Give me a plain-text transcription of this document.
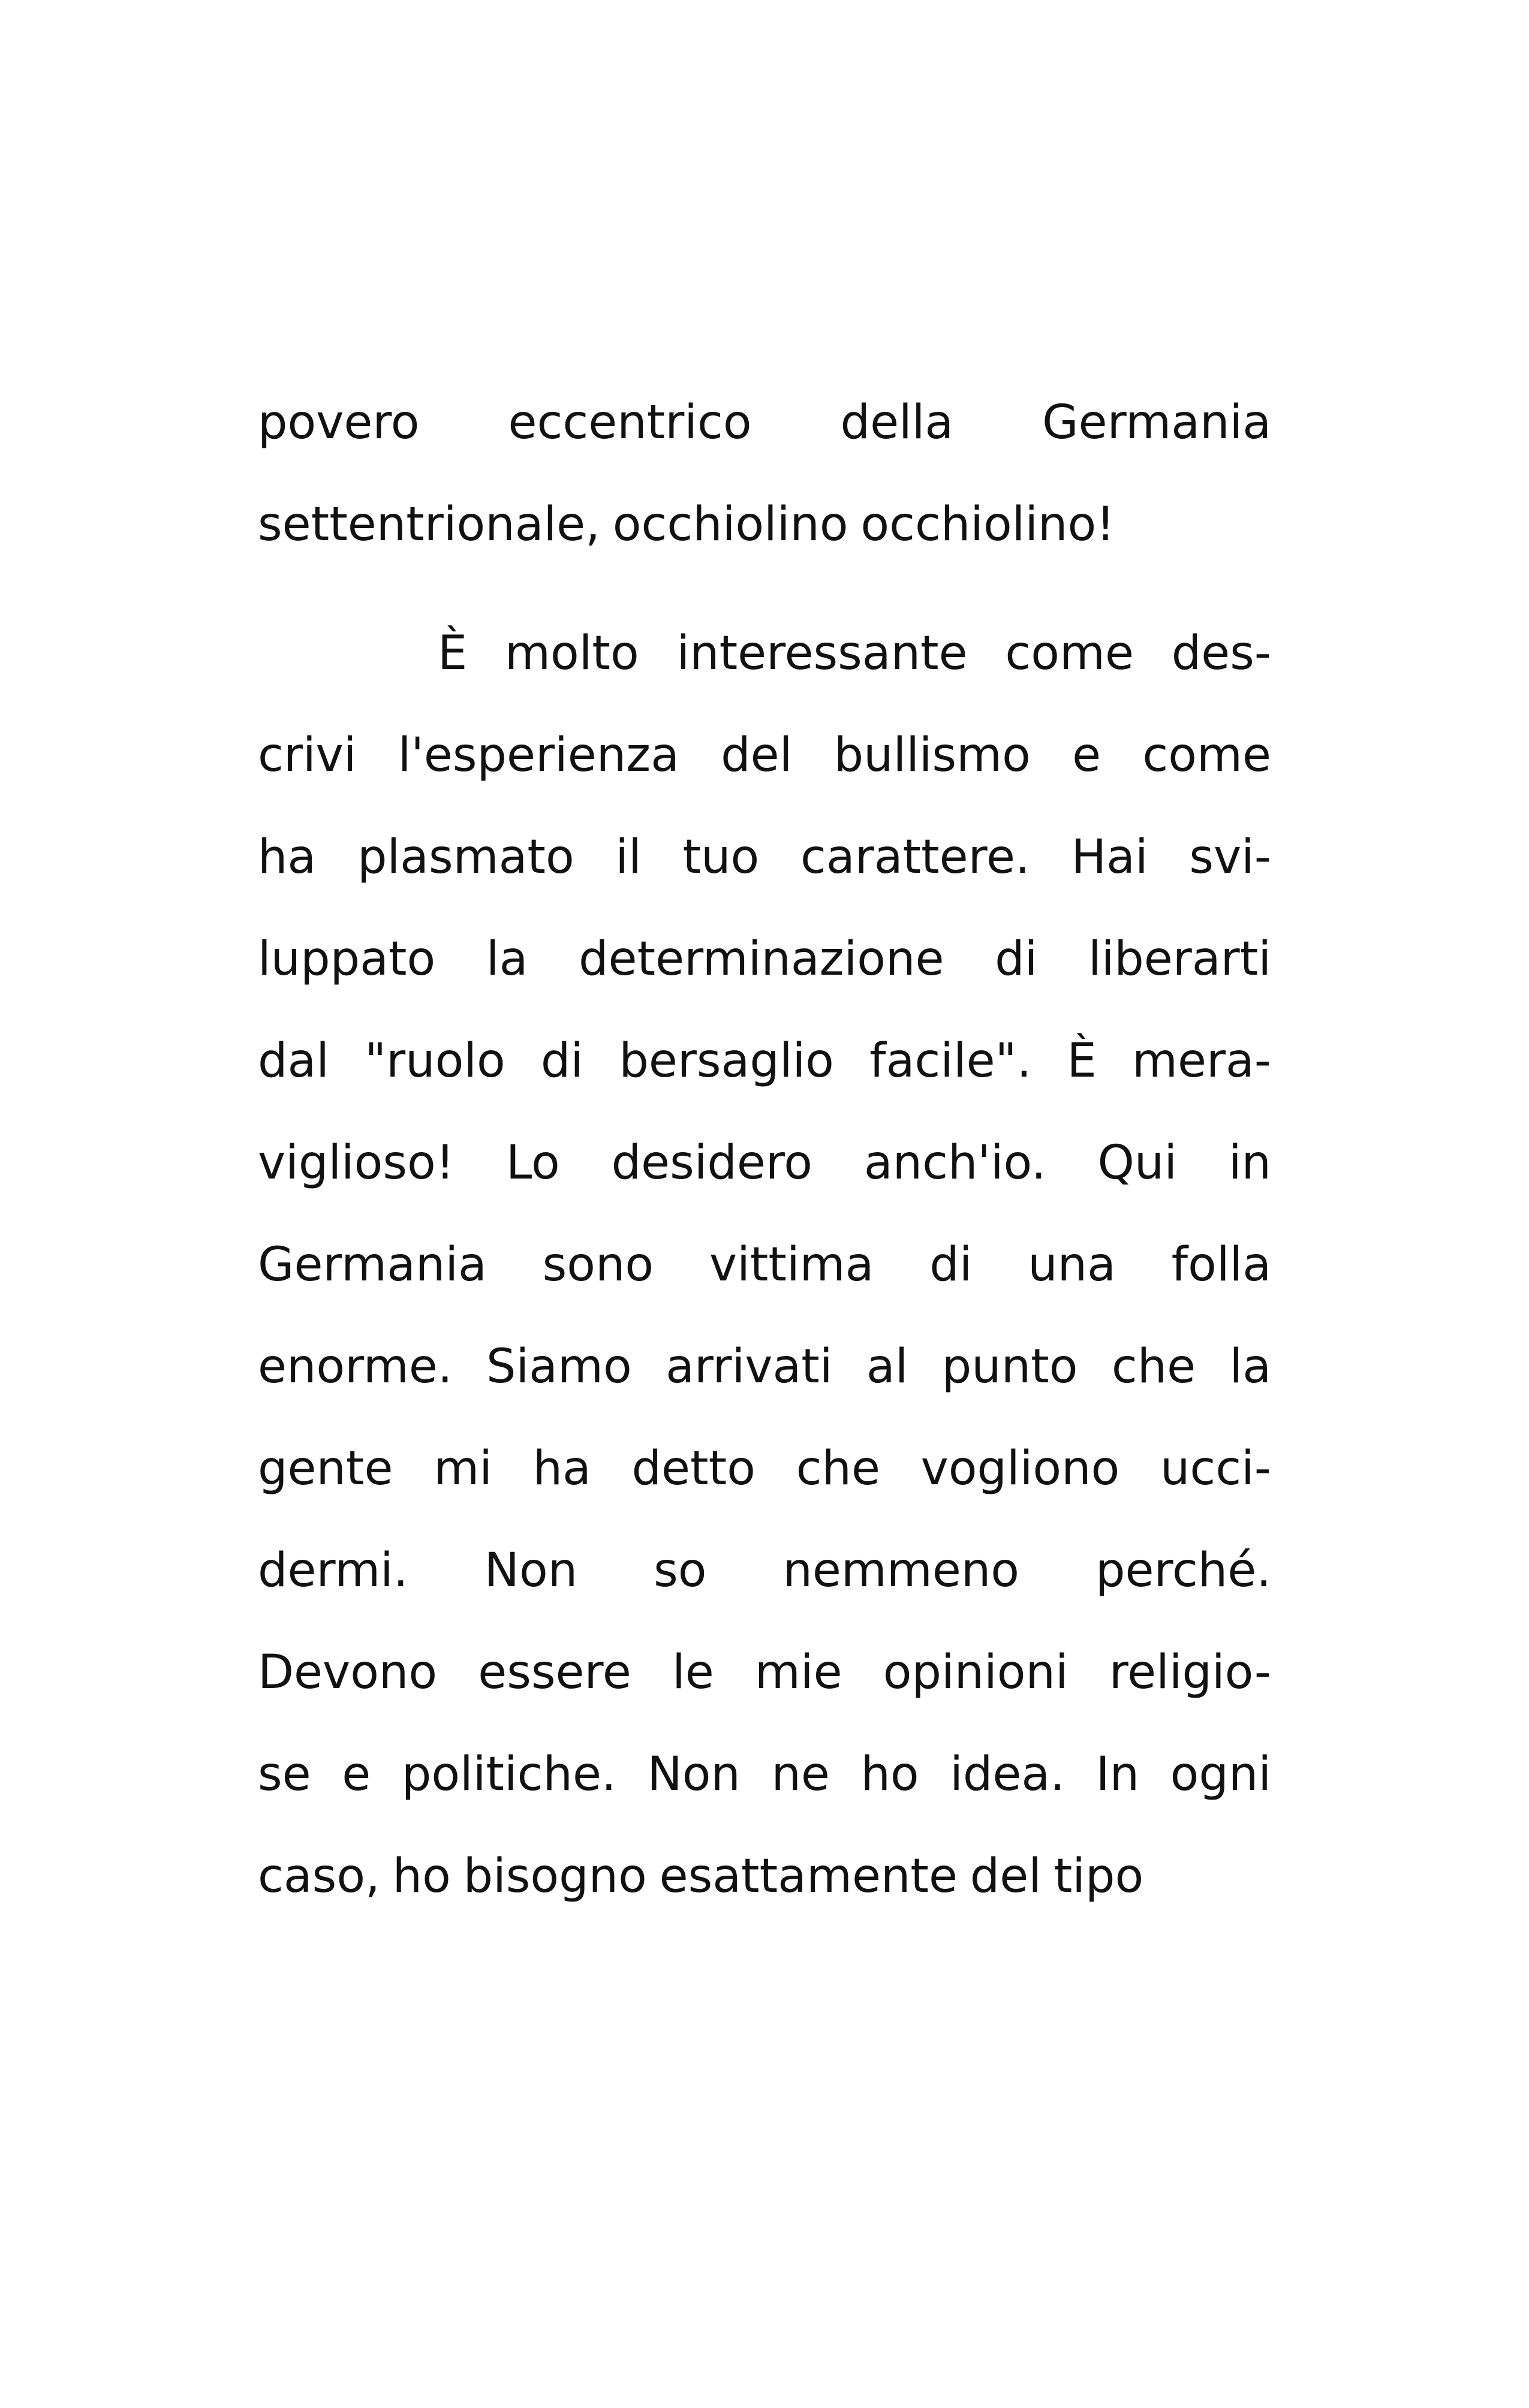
povero eccentrico della Germania
settentrionale, occhiolino occhiolino!
È molto interessante come des-
crivi l'esperienza del bullismo e come
ha plasmato il tuo carattere. Hai svi-
luppato la determinazione di liberarti
dal "ruolo di bersaglio facile". È mera-
viglioso! Lo desidero anch'io. Qui in
Germania sono vittima di una folla
enorme. Siamo arrivati al punto che la
gente mi ha detto che vogliono ucci-
dermi. Non so nemmeno perché.
Devono essere le mie opinioni religio-
se e politiche. Non ne ho idea. In ogni
caso, ho bisogno esattamente del tipo
